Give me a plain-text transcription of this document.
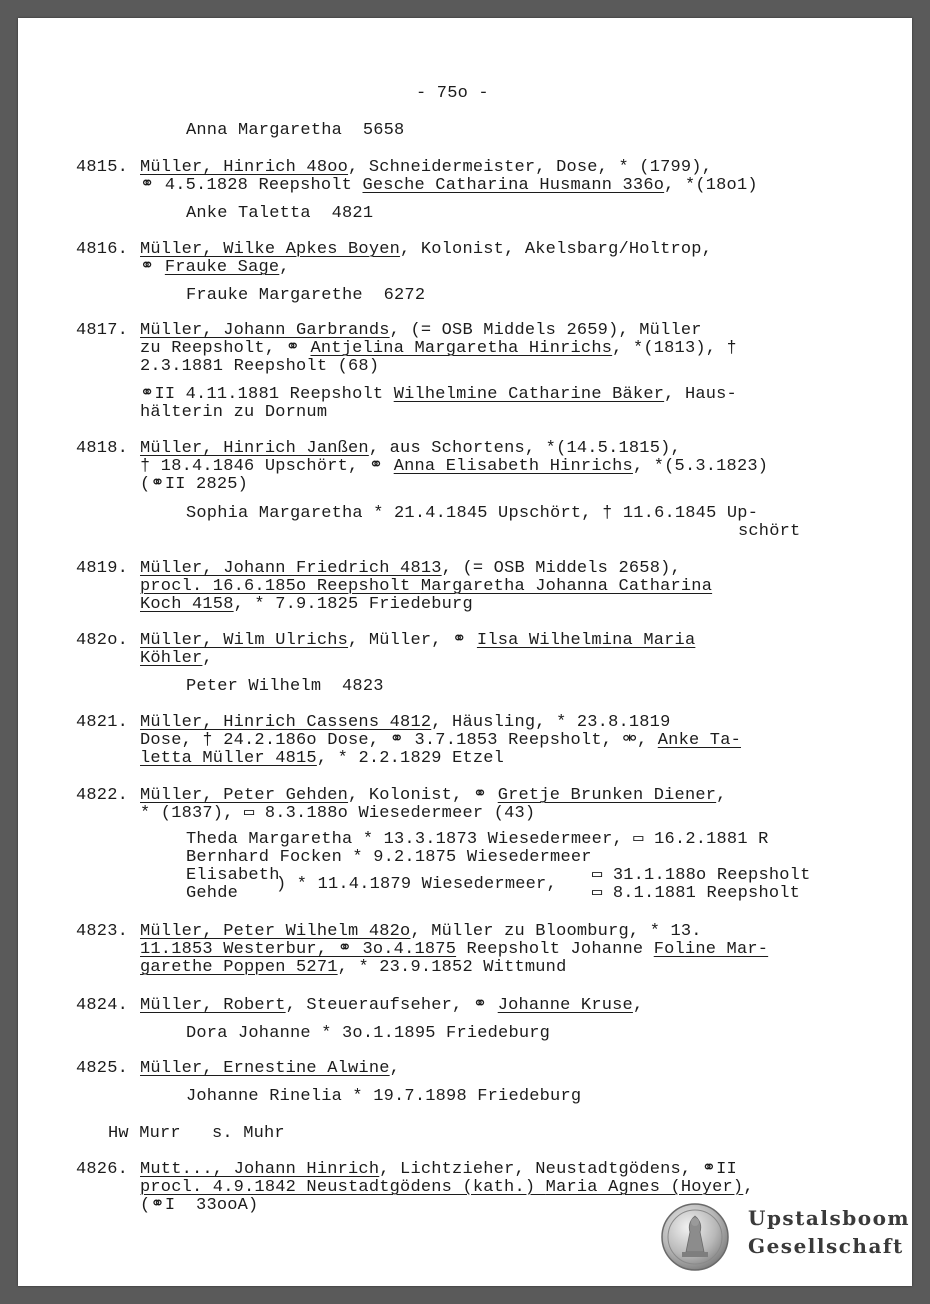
- 75o -
Anna Margaretha  5658
4815. Müller, Hinrich 48oo, Schneidermeister, Dose, * (1799),
⚭ 4.5.1828 Reepsholt Gesche Catharina Husmann 336o, *(18o1)
Anke Taletta  4821
4816. Müller, Wilke Apkes Boyen, Kolonist, Akelsbarg/Holtrop,
⚭ Frauke Sage,
Frauke Margarethe  6272
4817. Müller, Johann Garbrands, (= OSB Middels 2659), Müller
zu Reepsholt, ⚭ Antjelina Margaretha Hinrichs, *(1813), †
2.3.1881 Reepsholt (68)
⚭II 4.11.1881 Reepsholt Wilhelmine Catharine Bäker, Haus-
hälterin zu Dornum
4818. Müller, Hinrich Janßen, aus Schortens, *(14.5.1815),
† 18.4.1846 Upschört, ⚭ Anna Elisabeth Hinrichs, *(5.3.1823)
(⚭II 2825)
Sophia Margaretha * 21.4.1845 Upschört, † 11.6.1845 Up-
schört
4819. Müller, Johann Friedrich 4813, (= OSB Middels 2658),
procl. 16.6.185o Reepsholt Margaretha Johanna Catharina
Koch 4158, * 7.9.1825 Friedeburg
482o. Müller, Wilm Ulrichs, Müller, ⚭ Ilsa Wilhelmina Maria
Köhler,
Peter Wilhelm  4823
4821. Müller, Hinrich Cassens 4812, Häusling, * 23.8.1819
Dose, † 24.2.186o Dose, ⚭ 3.7.1853 Reepsholt, ⚮, Anke Ta-
letta Müller 4815, * 2.2.1829 Etzel
4822. Müller, Peter Gehden, Kolonist, ⚭ Gretje Brunken Diener,
* (1837), ▭ 8.3.188o Wiesedermeer (43)
Theda Margaretha * 13.3.1873 Wiesedermeer, ▭ 16.2.1881 R
Bernhard Focken * 9.2.1875 Wiesedermeer
Elisabeth
Gehde ) * 11.4.1879 Wiesedermeer, ▭ 31.1.188o Reepsholt
▭ 8.1.1881 Reepsholt
4823. Müller, Peter Wilhelm 482o, Müller zu Bloomburg, * 13.
11.1853 Westerbur, ⚭ 3o.4.1875 Reepsholt Johanne Foline Mar-
garethe Poppen 5271, * 23.9.1852 Wittmund
4824. Müller, Robert, Steueraufseher, ⚭ Johanne Kruse,
Dora Johanne * 3o.1.1895 Friedeburg
4825. Müller, Ernestine Alwine,
Johanne Rinelia * 19.7.1898 Friedeburg
Hw Murr   s. Muhr
4826. Mutt..., Johann Hinrich, Lichtzieher, Neustadtgödens, ⚭II
procl. 4.9.1842 Neustadtgödens (kath.) Maria Agnes (Hoyer),
(⚭I  33ooA)
Upstalsboom
Gesellschaft
